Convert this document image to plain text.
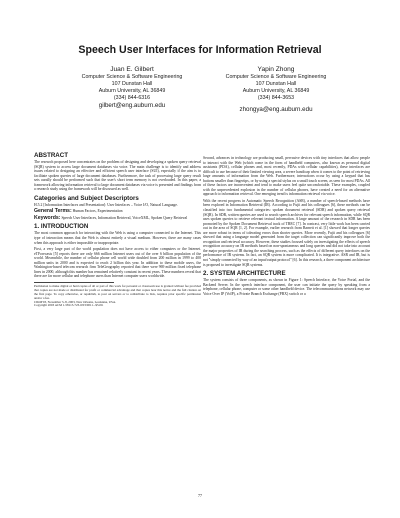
Speech User Interfaces for Information Retrieval
Juan E. Gilbert
Computer Science & Software Engineering
107 Dunstan Hall
Auburn University, AL 36849
(334) 844-6316
gilbert@eng.auburn.edu
Yapin Zhong
Computer Science & Software Engineering
107 Dunstan Hall
Auburn University, AL 36849
(334) 844-3653
zhongya@eng.auburn.edu
ABSTRACT

The research proposed here concentrates on the problem of designing and developing a spoken query retrieval (SQR) system to access large document databases via voice. The main challenge is to identify and address issues related to designing an effective and efficient speech user interface (SUI), especially if the aim is to facilitate spoken queries of large document databases. Furthermore, the task of processing large query result sets aurally should be performed such that the user's short term memory is not overloaded. In this paper, a framework allowing information retrieval to large document databases via voice is presented and findings from a research study using the framework will be discussed as well.

Categories and Subject Descriptors

H.5.2 [Information Interfaces and Presentation]: User Interfaces – Voice I/O, Natural Language.

General Terms: Human Factors, Experimentation

Keywords: Speech User Interfaces, Information Retrieval, VoiceXML, Spoken Query Retrieval

1. INTRODUCTION

The most common approach for interacting with the Web is using a computer connected to the Internet. This type of interaction means that the Web is almost entirely a visual medium. However, there are many cases when this approach is either impossible or inappropriate.

First, a very large part of the world population does not have access to either computers or the Internet. eTForecasts [5] reports there are only 666 million Internet users out of the over 6 billion population of the world. Meanwhile, the number of cellular phone cell world wide doubled from 200 million in 1999 to 400 million units in 2000 and is expected to reach 2 billion this year. In addition to these mobile users, the Washington-based telecom research firm TeleGeography reported that there were 969 million fixed telephone lines in 2000, although this number has remained relatively constant in recent years. These numbers reveal that there are far more cellular and telephone users than Internet computer users worldwide.

Permission to make digital or hard copies of all or part of this work for personal or classroom use is granted without fee provided that copies are not made or distributed for profit or commercial advantage and that copies bear this notice and the full citation on the first page. To copy otherwise, or republish, to post on servers or to redistribute to lists, requires prior specific permission and/or a fee.
CIKM'03, November 3–8, 2003, New Orleans, Louisiana, USA.
Copyright 2003 ACM 1-58113-723-0/03/0011...$5.00.

Second, advances in technology are producing small, pervasive devices with tiny interfaces that allow people to interact with the Web (which come in the form of handheld computers, also known as personal digital assistants (PDA), cellular phones and, most recently, PDAs with cellular capabilities), these interfaces are difficult to use because of their limited viewing area, a severe handicap when it comes to the point of retrieving large amounts of information from the Web. Furthermore, interactions occur by using a keypad that has buttons smaller than fingertips, or by using a special stylus on a small touch screen, as seen for most PDAs. All of these factors are inconvenient and tend to make users feel quite uncomfortable. These examples, coupled with the unprecedented explosion in the number of cellular phones, have created a need for an alternative approach to information retrieval. One emerging trend is information retrieval via voice.

With the recent progress in Automatic Speech Recognition (ASR), a number of speech-based methods have been explored in Information Retrieval (IR). According to Fujii and his colleagues [6], these methods can be classified into two fundamental categories: spoken document retrieval (SDR) and spoken query retrieval (SQR). In SDR, written queries are used to search speech archives for relevant speech information, while SQR uses spoken queries to retrieve relevant textual information. A large amount of the research in SDR has been promoted by the Spoken Document Retrieval track of TREC [7]. In contrast, very little work has been carried out in the area of SQR [1, 2]. For example, earlier research from Barnett et al. [1] showed that longer queries are more robust in terms of tolerating errors than shorter queries. More recently, Fujii and his colleagues [6] showed that using a language model generated from the target collection can significantly improve both the recognition and retrieval accuracy. However, these studies focused solely on investigating the effects of speech recognition accuracy on IR methods based on non-spontaneous and long queries and did not take into account the major properties of IR during the searching process, such as the effects of different query interfaces on the performance of IR systems. In fact, an SQR system is more complicated. It is integrative. ASR and IR, but is not "simply connected by way of an input/output protocol" [6]. In this research, a three component architecture is proposed to investigate SQR systems.

2. SYSTEM ARCHITECTURE

The system consists of three components, as shown in Figure 1: Speech Interface, the Voice Portal, and the Backend Server. In the speech interface component, the user can initiate the query by speaking from a telephone, cellular phone, computer or some other handheld device. The telecommunications network may use Voice Over IP (VoIP), a Private Branch Exchange (PBX) switch or a

77
